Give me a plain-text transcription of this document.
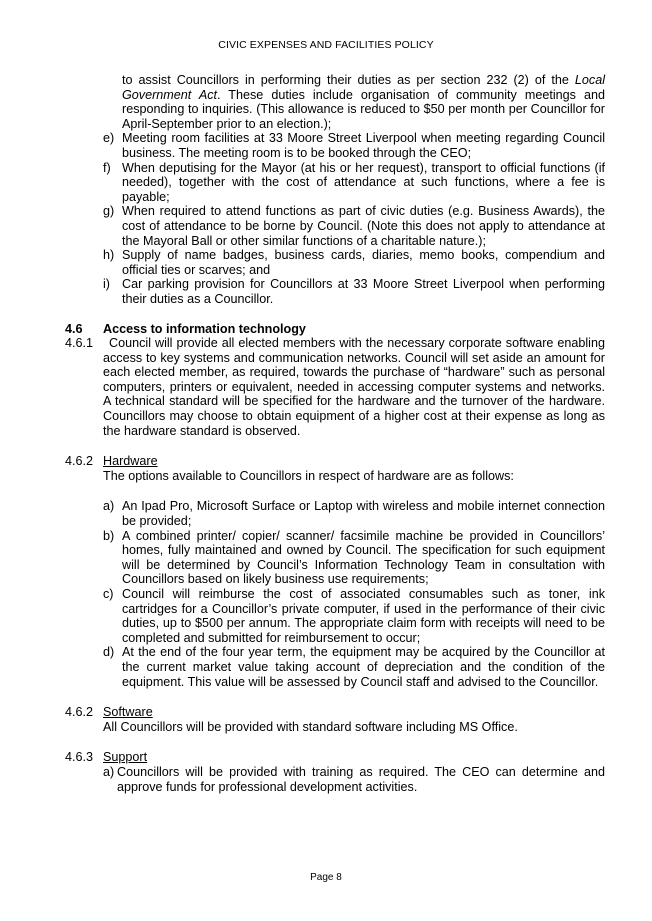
CIVIC EXPENSES AND FACILITIES POLICY
to assist Councillors in performing their duties as per section 232 (2) of the Local Government Act. These duties include organisation of community meetings and responding to inquiries. (This allowance is reduced to $50 per month per Councillor for April-September prior to an election.);
e) Meeting room facilities at 33 Moore Street Liverpool when meeting regarding Council business. The meeting room is to be booked through the CEO;
f) When deputising for the Mayor (at his or her request), transport to official functions (if needed), together with the cost of attendance at such functions, where a fee is payable;
g) When required to attend functions as part of civic duties (e.g. Business Awards), the cost of attendance to be borne by Council. (Note this does not apply to attendance at the Mayoral Ball or other similar functions of a charitable nature.);
h) Supply of name badges, business cards, diaries, memo books, compendium and official ties or scarves; and
i) Car parking provision for Councillors at 33 Moore Street Liverpool when performing their duties as a Councillor.
4.6 Access to information technology
4.6.1 Council will provide all elected members with the necessary corporate software enabling access to key systems and communication networks. Council will set aside an amount for each elected member, as required, towards the purchase of “hardware” such as personal computers, printers or equivalent, needed in accessing computer systems and networks. A technical standard will be specified for the hardware and the turnover of the hardware. Councillors may choose to obtain equipment of a higher cost at their expense as long as the hardware standard is observed.
4.6.2 Hardware
The options available to Councillors in respect of hardware are as follows:
a) An Ipad Pro, Microsoft Surface or Laptop with wireless and mobile internet connection be provided;
b) A combined printer/ copier/ scanner/ facsimile machine be provided in Councillors’ homes, fully maintained and owned by Council. The specification for such equipment will be determined by Council’s Information Technology Team in consultation with Councillors based on likely business use requirements;
c) Council will reimburse the cost of associated consumables such as toner, ink cartridges for a Councillor’s private computer, if used in the performance of their civic duties, up to $500 per annum. The appropriate claim form with receipts will need to be completed and submitted for reimbursement to occur;
d) At the end of the four year term, the equipment may be acquired by the Councillor at the current market value taking account of depreciation and the condition of the equipment. This value will be assessed by Council staff and advised to the Councillor.
4.6.2 Software
All Councillors will be provided with standard software including MS Office.
4.6.3 Support
a) Councillors will be provided with training as required. The CEO can determine and approve funds for professional development activities.
Page 8
